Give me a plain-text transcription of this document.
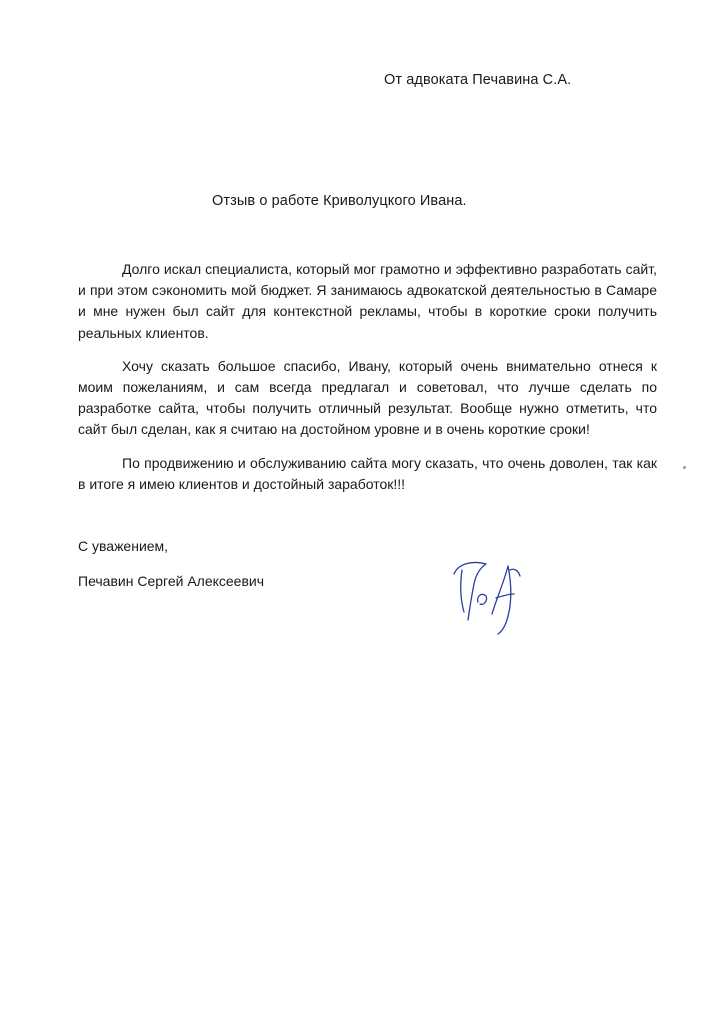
От адвоката Печавина С.А.
Отзыв о работе Криволуцкого Ивана.

Долго искал специалиста, который мог грамотно и эффективно разработать сайт, и при этом сэкономить мой бюджет. Я занимаюсь адвокатской деятельностью в Самаре и мне нужен был сайт для контекстной рекламы, чтобы в короткие сроки получить реальных клиентов.

Хочу сказать большое спасибо, Ивану, который очень внимательно отнеся к моим пожеланиям, и сам всегда предлагал и советовал, что лучше сделать по разработке сайта, чтобы получить отличный результат. Вообще нужно отметить, что сайт был сделан, как я считаю на достойном уровне и в очень короткие сроки!

По продвижению и обслуживанию сайта могу сказать, что очень доволен, так как в итоге я имею клиентов и достойный заработок!!!

С уважением,
Печавин Сергей Алексеевич
